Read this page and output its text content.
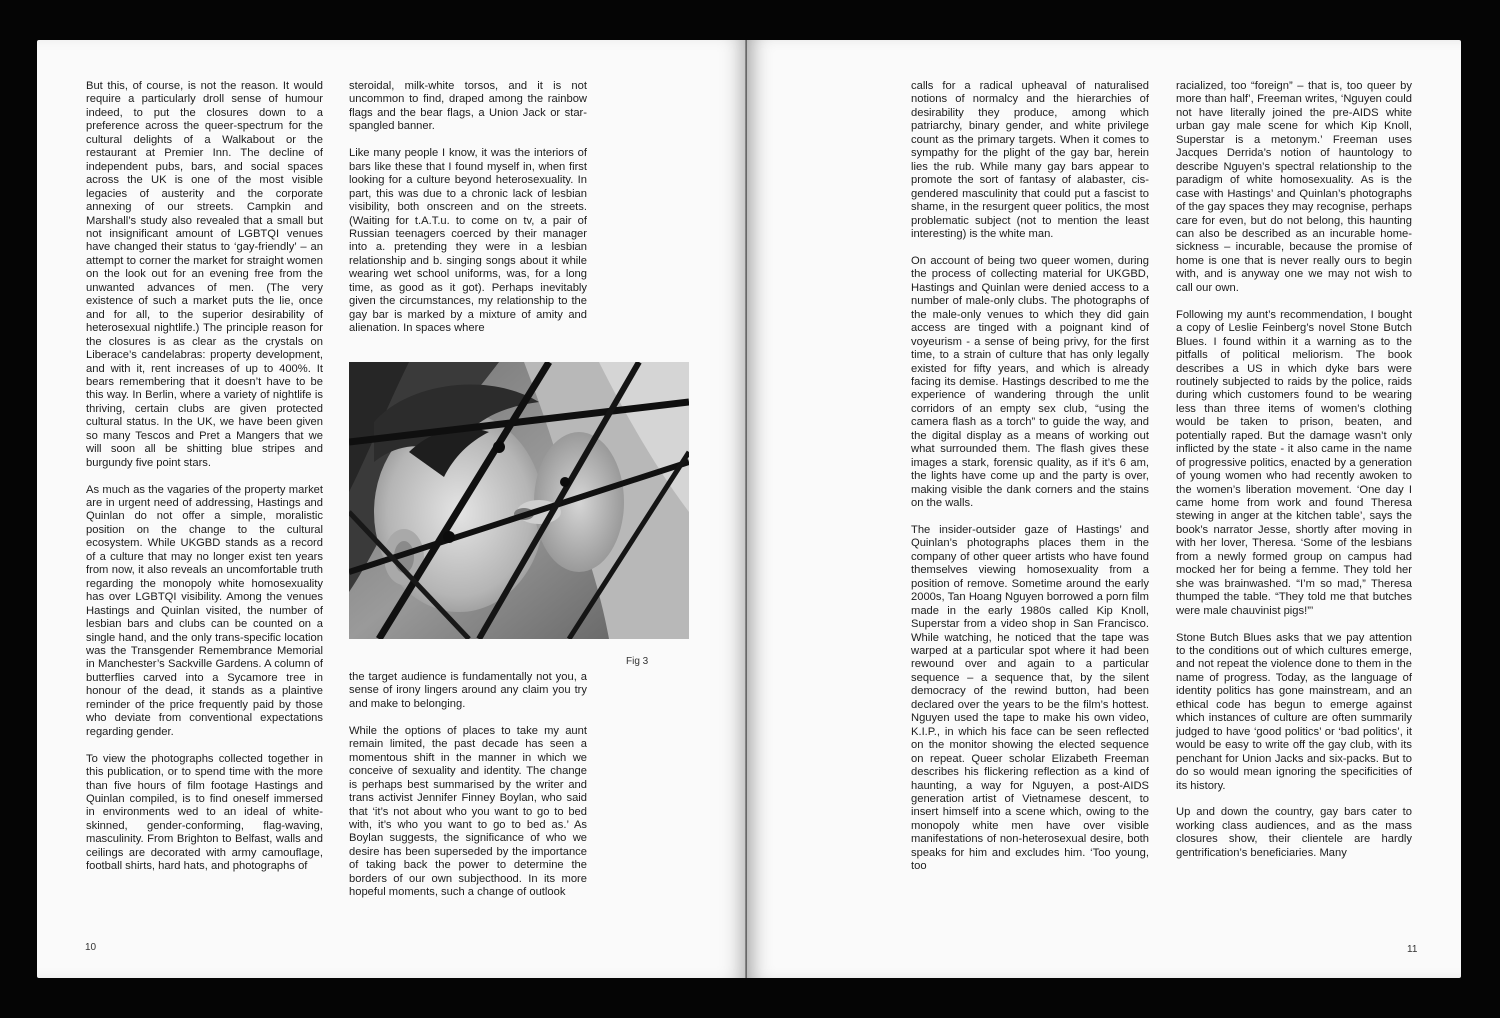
But this, of course, is not the reason. It would require a particularly droll sense of humour indeed, to put the closures down to a preference across the queer-spectrum for the cultural delights of a Walkabout or the restaurant at Premier Inn. The decline of independent pubs, bars, and social spaces across the UK is one of the most visible legacies of austerity and the corporate annexing of our streets. Campkin and Marshall’s study also revealed that a small but not insignificant amount of LGBTQI venues have changed their status to ‘gay-friendly’ – an attempt to corner the market for straight women on the look out for an evening free from the unwanted advances of men. (The very existence of such a market puts the lie, once and for all, to the superior desirability of heterosexual nightlife.) The principle reason for the closures is as clear as the crystals on Liberace’s candelabras: property development, and with it, rent increases of up to 400%. It bears remembering that it doesn’t have to be this way. In Berlin, where a variety of nightlife is thriving, certain clubs are given protected cultural status. In the UK, we have been given so many Tescos and Pret a Mangers that we will soon all be shitting blue stripes and burgundy five point stars.

As much as the vagaries of the property market are in urgent need of addressing, Hastings and Quinlan do not offer a simple, moralistic position on the change to the cultural ecosystem. While UKGBD stands as a record of a culture that may no longer exist ten years from now, it also reveals an uncomfortable truth regarding the monopoly white homosexuality has over LGBTQI visibility. Among the venues Hastings and Quinlan visited, the number of lesbian bars and clubs can be counted on a single hand, and the only trans-specific location was the Transgender Remembrance Memorial in Manchester’s Sackville Gardens. A column of butterflies carved into a Sycamore tree in honour of the dead, it stands as a plaintive reminder of the price frequently paid by those who deviate from conventional expectations regarding gender.

To view the photographs collected together in this publication, or to spend time with the more than five hours of film footage Hastings and Quinlan compiled, is to find oneself immersed in environments wed to an ideal of white-skinned, gender-conforming, flag-waving, masculinity. From Brighton to Belfast, walls and ceilings are decorated with army camouflage, football shirts, hard hats, and photographs of

steroidal, milk-white torsos, and it is not uncommon to find, draped among the rainbow flags and the bear flags, a Union Jack or star-spangled banner.

Like many people I know, it was the interiors of bars like these that I found myself in, when first looking for a culture beyond heterosexuality. In part, this was due to a chronic lack of lesbian visibility, both onscreen and on the streets. (Waiting for t.A.T.u. to come on tv, a pair of Russian teenagers coerced by their manager into a. pretending they were in a lesbian relationship and b. singing songs about it while wearing wet school uniforms, was, for a long time, as good as it got). Perhaps inevitably given the circumstances, my relationship to the gay bar is marked by a mixture of amity and alienation. In spaces where

Fig 3

the target audience is fundamentally not you, a sense of irony lingers around any claim you try and make to belonging.

While the options of places to take my aunt remain limited, the past decade has seen a momentous shift in the manner in which we conceive of sexuality and identity. The change is perhaps best summarised by the writer and trans activist Jennifer Finney Boylan, who said that ‘it’s not about who you want to go to bed with, it’s who you want to go to bed as.’ As Boylan suggests, the significance of who we desire has been superseded by the importance of taking back the power to determine the borders of our own subjecthood. In its more hopeful moments, such a change of outlook

10

calls for a radical upheaval of naturalised notions of normalcy and the hierarchies of desirability they produce, among which patriarchy, binary gender, and white privilege count as the primary targets. When it comes to sympathy for the plight of the gay bar, herein lies the rub. While many gay bars appear to promote the sort of fantasy of alabaster, cis-gendered masculinity that could put a fascist to shame, in the resurgent queer politics, the most problematic subject (not to mention the least interesting) is the white man.

On account of being two queer women, during the process of collecting material for UKGBD, Hastings and Quinlan were denied access to a number of male-only clubs. The photographs of the male-only venues to which they did gain access are tinged with a poignant kind of voyeurism - a sense of being privy, for the first time, to a strain of culture that has only legally existed for fifty years, and which is already facing its demise. Hastings described to me the experience of wandering through the unlit corridors of an empty sex club, “using the camera flash as a torch” to guide the way, and the digital display as a means of working out what surrounded them. The flash gives these images a stark, forensic quality, as if it’s 6 am, the lights have come up and the party is over, making visible the dank corners and the stains on the walls.

The insider-outsider gaze of Hastings’ and Quinlan’s photographs places them in the company of other queer artists who have found themselves viewing homosexuality from a position of remove. Sometime around the early 2000s, Tan Hoang Nguyen borrowed a porn film made in the early 1980s called Kip Knoll, Superstar from a video shop in San Francisco. While watching, he noticed that the tape was warped at a particular spot where it had been rewound over and again to a particular sequence – a sequence that, by the silent democracy of the rewind button, had been declared over the years to be the film’s hottest. Nguyen used the tape to make his own video, K.I.P., in which his face can be seen reflected on the monitor showing the elected sequence on repeat. Queer scholar Elizabeth Freeman describes his flickering reflection as a kind of haunting, a way for Nguyen, a post-AIDS generation artist of Vietnamese descent, to insert himself into a scene which, owing to the monopoly white men have over visible manifestations of non-heterosexual desire, both speaks for him and excludes him. ‘Too young, too

racialized, too “foreign” – that is, too queer by more than half’, Freeman writes, ‘Nguyen could not have literally joined the pre-AIDS white urban gay male scene for which Kip Knoll, Superstar is a metonym.’ Freeman uses Jacques Derrida’s notion of hauntology to describe Nguyen’s spectral relationship to the paradigm of white homosexuality. As is the case with Hastings’ and Quinlan’s photographs of the gay spaces they may recognise, perhaps care for even, but do not belong, this haunting can also be described as an incurable home-sickness – incurable, because the promise of home is one that is never really ours to begin with, and is anyway one we may not wish to call our own.

Following my aunt’s recommendation, I bought a copy of Leslie Feinberg’s novel Stone Butch Blues. I found within it a warning as to the pitfalls of political meliorism. The book describes a US in which dyke bars were routinely subjected to raids by the police, raids during which customers found to be wearing less than three items of women’s clothing would be taken to prison, beaten, and potentially raped. But the damage wasn’t only inflicted by the state - it also came in the name of progressive politics, enacted by a generation of young women who had recently awoken to the women’s liberation movement. ‘One day I came home from work and found Theresa stewing in anger at the kitchen table’, says the book’s narrator Jesse, shortly after moving in with her lover, Theresa. ‘Some of the lesbians from a newly formed group on campus had mocked her for being a femme. They told her she was brainwashed. “I’m so mad,” Theresa thumped the table. “They told me that butches were male chauvinist pigs!”’

Stone Butch Blues asks that we pay attention to the conditions out of which cultures emerge, and not repeat the violence done to them in the name of progress. Today, as the language of identity politics has gone mainstream, and an ethical code has begun to emerge against which instances of culture are often summarily judged to have ‘good politics’ or ‘bad politics’, it would be easy to write off the gay club, with its penchant for Union Jacks and six-packs. But to do so would mean ignoring the specificities of its history.

Up and down the country, gay bars cater to working class audiences, and as the mass closures show, their clientele are hardly gentrification’s beneficiaries. Many

11
